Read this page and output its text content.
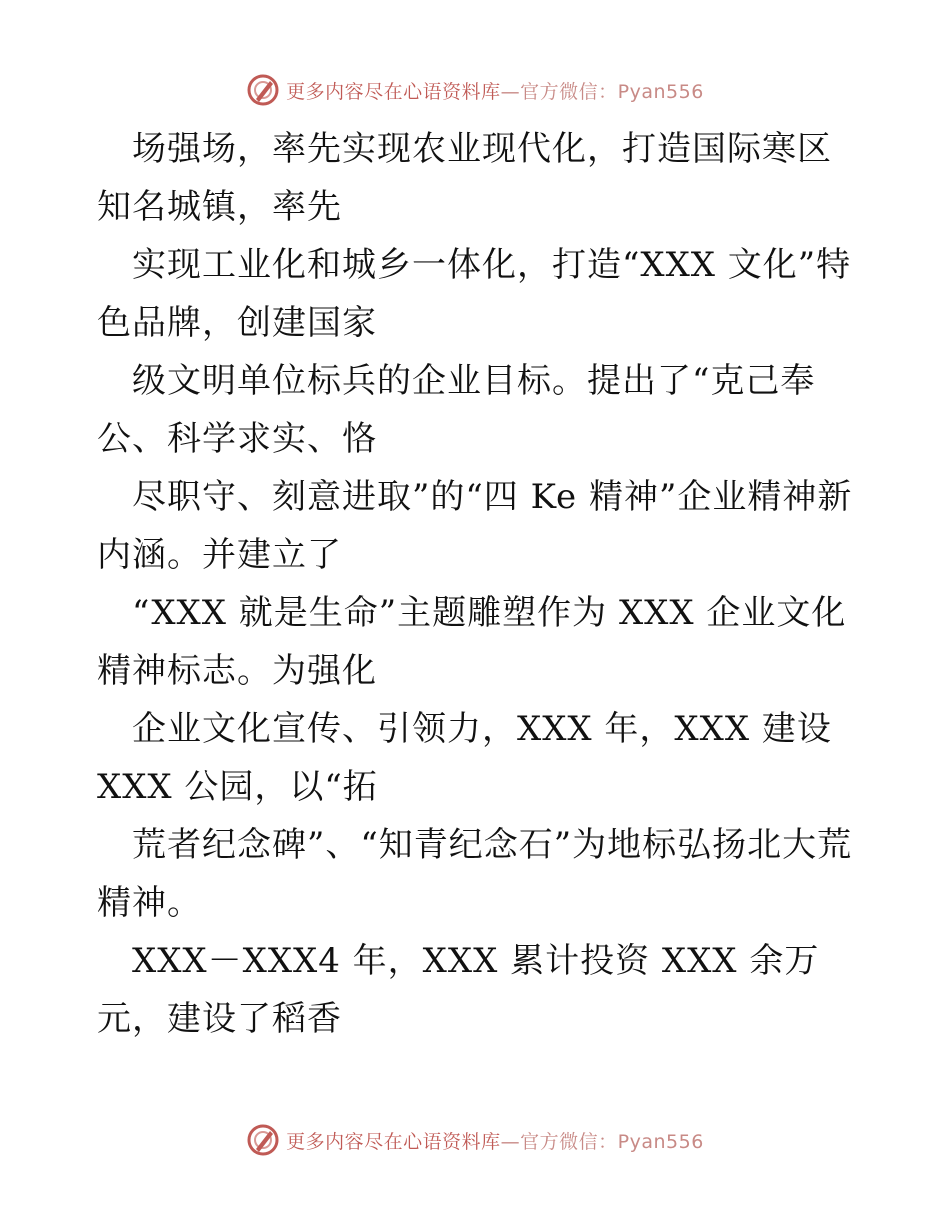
更多内容尽在心语资料库—官方微信：Pyan556

　场强场，率先实现农业现代化，打造国际寒区知名城镇，率先

　实现工业化和城乡一体化，打造“XXX 文化”特色品牌，创建国家

　级文明单位标兵的企业目标。提出了“克己奉公、科学求实、恪

　尽职守、刻意进取”的“四 Ke 精神”企业精神新内涵。并建立了

　“XXX 就是生命”主题雕塑作为 XXX 企业文化精神标志。为强化

　企业文化宣传、引领力，XXX 年，XXX 建设 XXX 公园，以“拓

　荒者纪念碑”、“知青纪念石”为地标弘扬北大荒精神。

　XXX－XXX4 年，XXX 累计投资 XXX 余万元，建设了稻香

更多内容尽在心语资料库—官方微信：Pyan556
